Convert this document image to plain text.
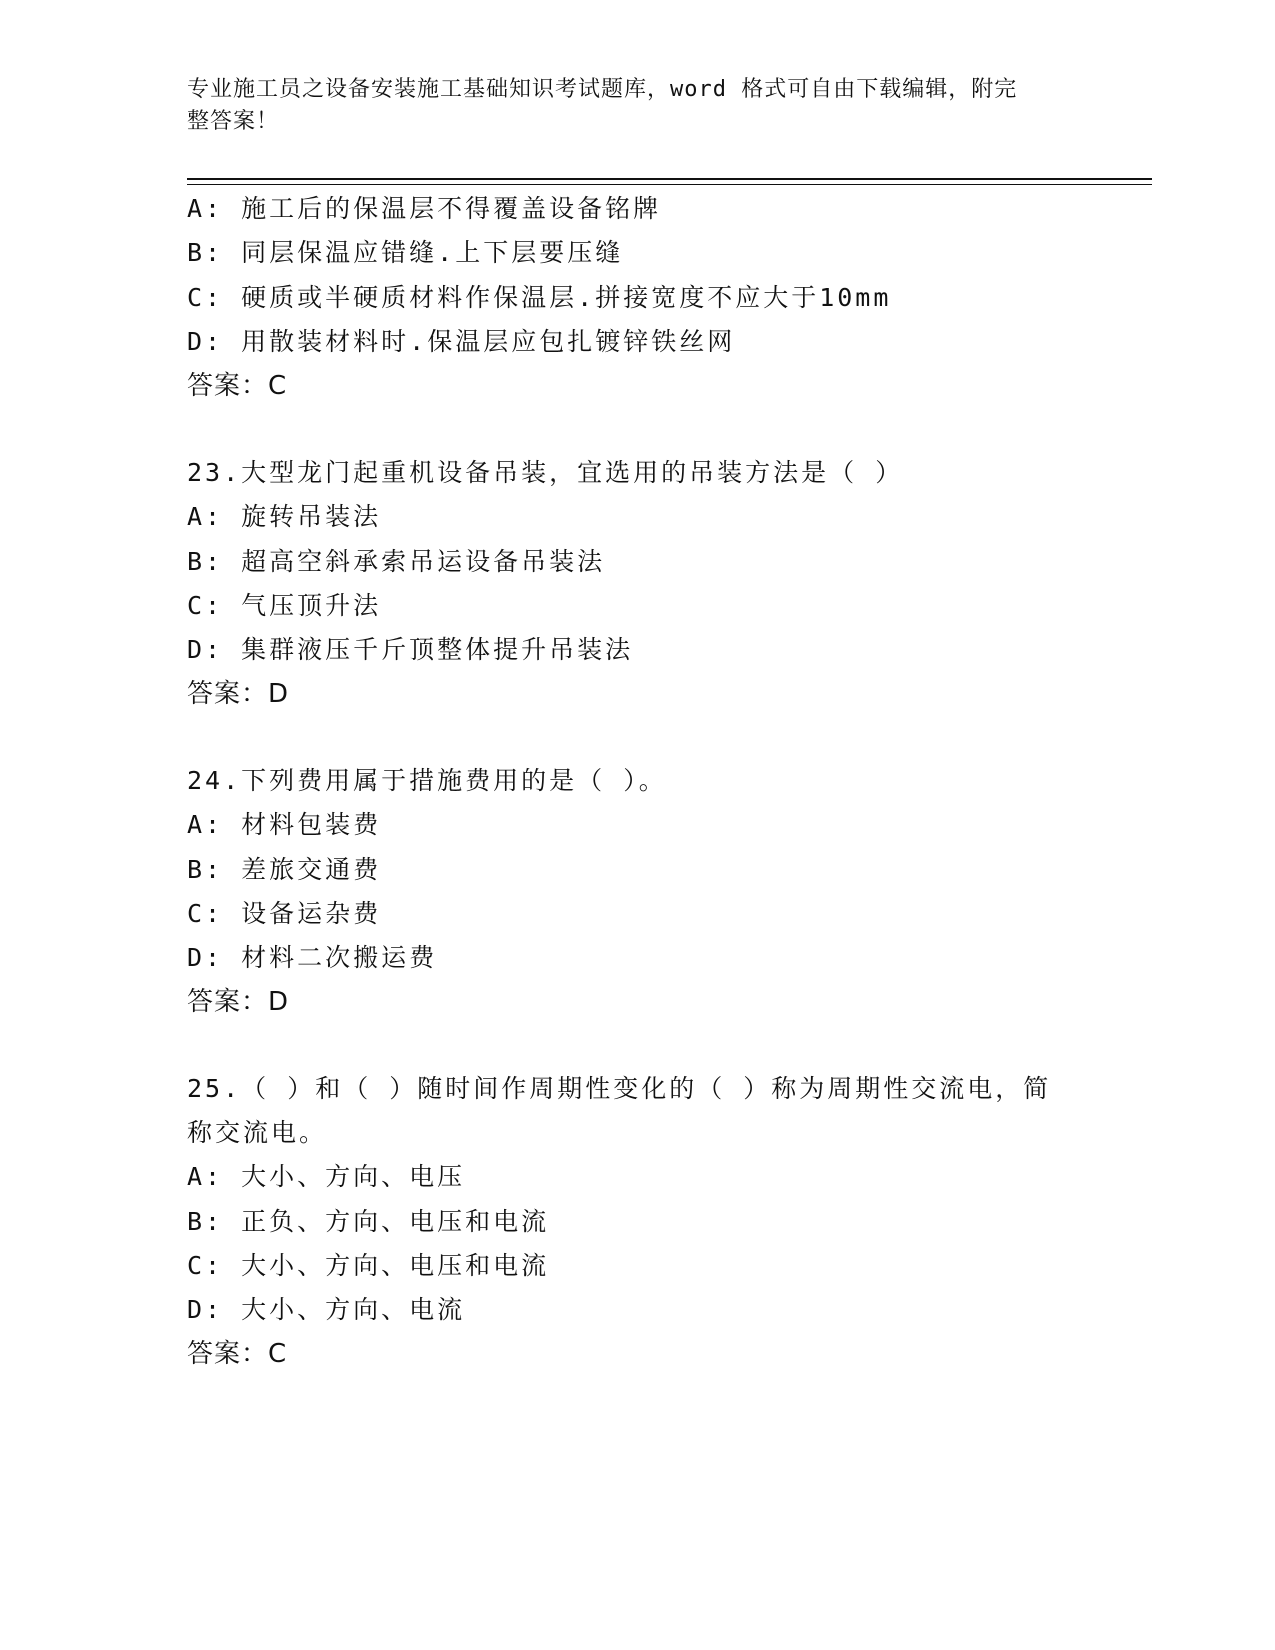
专业施工员之设备安装施工基础知识考试题库，word 格式可自由下载编辑，附完
整答案！
A: 施工后的保温层不得覆盖设备铭牌
B: 同层保温应错缝.上下层要压缝
C: 硬质或半硬质材料作保温层.拼接宽度不应大于10mm
D: 用散装材料时.保温层应包扎镀锌铁丝网
答案：C
23.大型龙门起重机设备吊装，宜选用的吊装方法是（ ）
A: 旋转吊装法
B: 超高空斜承索吊运设备吊装法
C: 气压顶升法
D: 集群液压千斤顶整体提升吊装法
答案：D
24.下列费用属于措施费用的是（ ）。
A: 材料包装费
B: 差旅交通费
C: 设备运杂费
D: 材料二次搬运费
答案：D
25.（ ）和（ ）随时间作周期性变化的（ ）称为周期性交流电，简
称交流电。
A: 大小、方向、电压
B: 正负、方向、电压和电流
C: 大小、方向、电压和电流
D: 大小、方向、电流
答案：C
